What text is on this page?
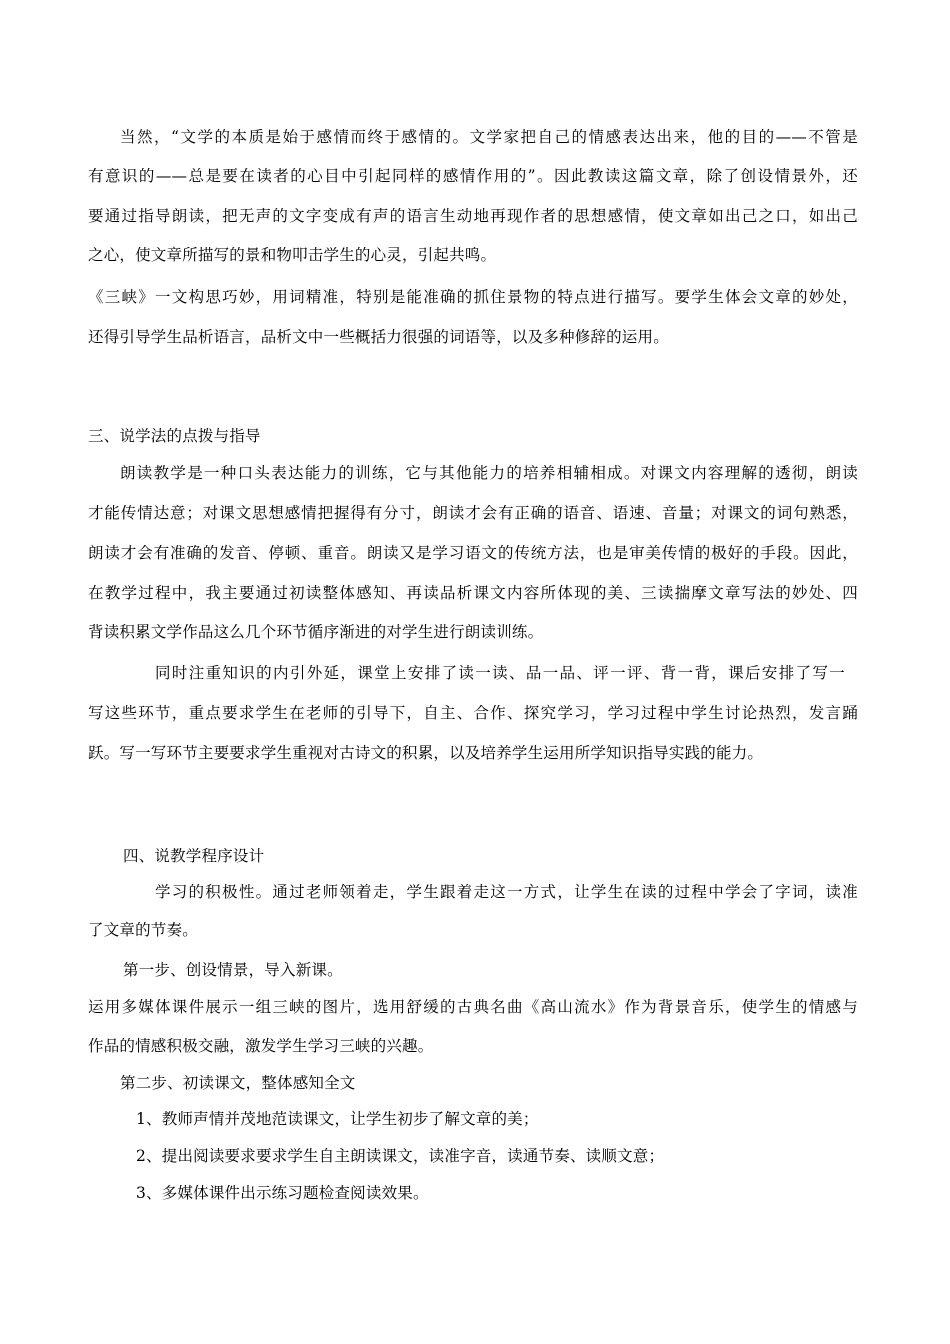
当然，“文学的本质是始于感情而终于感情的。文学家把自己的情感表达出来，他的目的——不管是
有意识的——总是要在读者的心目中引起同样的感情作用的”。因此教读这篇文章，除了创设情景外，还
要通过指导朗读，把无声的文字变成有声的语言生动地再现作者的思想感情，使文章如出己之口，如出己
之心，使文章所描写的景和物叩击学生的心灵，引起共鸣。
《三峡》一文构思巧妙，用词精准，特别是能准确的抓住景物的特点进行描写。要学生体会文章的妙处，
还得引导学生品析语言，品析文中一些概括力很强的词语等，以及多种修辞的运用。
三、说学法的点拨与指导
朗读教学是一种口头表达能力的训练，它与其他能力的培养相辅相成。对课文内容理解的透彻，朗读
才能传情达意；对课文思想感情把握得有分寸，朗读才会有正确的语音、语速、音量；对课文的词句熟悉，
朗读才会有准确的发音、停顿、重音。朗读又是学习语文的传统方法，也是审美传情的极好的手段。因此，
在教学过程中，我主要通过初读整体感知、再读品析课文内容所体现的美、三读揣摩文章写法的妙处、四
背读积累文学作品这么几个环节循序渐进的对学生进行朗读训练。
同时注重知识的内引外延，课堂上安排了读一读、品一品、评一评、背一背，课后安排了写一
写这些环节，重点要求学生在老师的引导下，自主、合作、探究学习，学习过程中学生讨论热烈，发言踊
跃。写一写环节主要要求学生重视对古诗文的积累，以及培养学生运用所学知识指导实践的能力。
四、说教学程序设计
学习的积极性。通过老师领着走，学生跟着走这一方式，让学生在读的过程中学会了字词，读准
了文章的节奏。
第一步、创设情景，导入新课。
运用多媒体课件展示一组三峡的图片，选用舒缓的古典名曲《高山流水》作为背景音乐，使学生的情感与
作品的情感积极交融，激发学生学习三峡的兴趣。
第二步、初读课文，整体感知全文
1、教师声情并茂地范读课文，让学生初步了解文章的美；
2、提出阅读要求要求学生自主朗读课文，读准字音，读通节奏、读顺文意；
3、多媒体课件出示练习题检查阅读效果。
